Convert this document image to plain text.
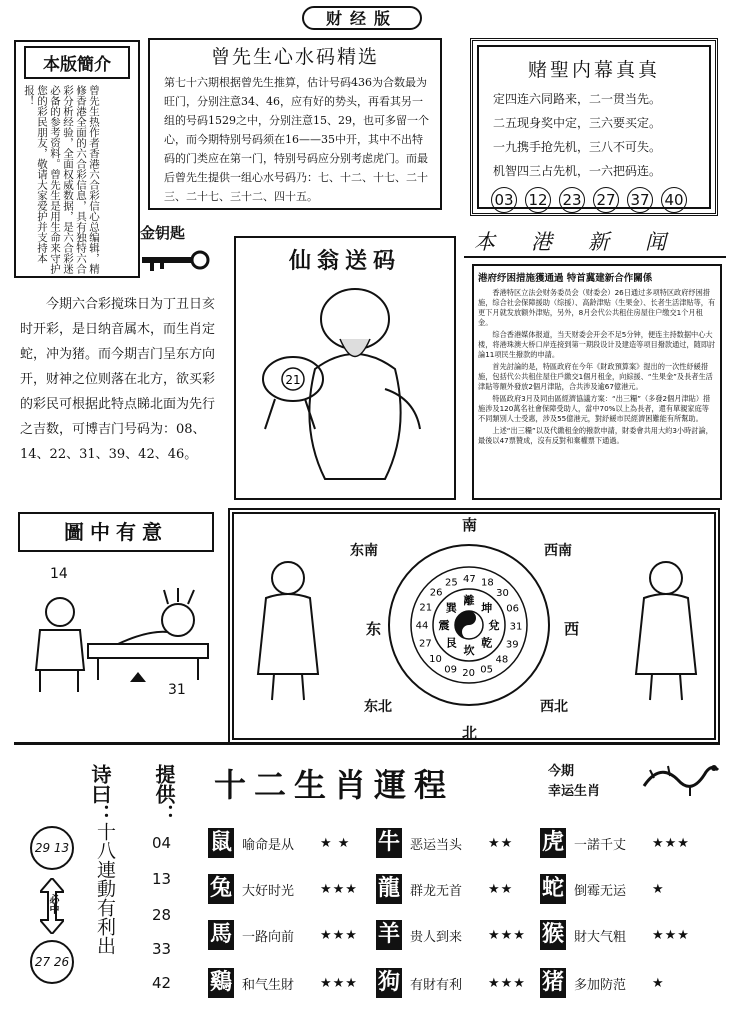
财经版
本版簡介
曾先生热作者香港六合彩信心总编辑，精修香港全面的六合彩信息，具有独特六合彩分析经验，全面权威数据，是六合彩迷必备的参考资料。曾先生是用生命来守护您的彩民朋友，敬请大家爱护并支持本报！
曾先生心水码精选
第七十六期根据曾先生推算，估计号码436为合数最为旺门，分别注意34、46，应有好的势头，再看其另一组的号码1529之中，分别注意15、29，也可多留一个心，而今期特别号码须在16——35中开，其中不出特码的门类应在第一门，特别号码应分别考虑虎门。而最后曾先生提供一组心水号码乃：七、十二、十七、二十三、二十七、三十二、四十五。
赌聖内幕真真
定四连六同路来，二一贯当先。
二五现身奖中定，三六要买定。
一九携手抢先机，三八不可失。
机智四三占先机，一六把码连。
03 12 23 27 37 40
金钥匙
今期六合彩搅珠日为丁丑日亥时开彩，是日纳音属木，而生肖定蛇，冲为猪。而今期吉门呈东方向开，财神之位则落在北方，欲买彩的彩民可根据此特点睇北面为先行之吉数，可博吉门号码为：08、14、22、31、39、42、46。
仙翁送码
21
本港新闻
港府纾困措施獲通過 特首冀建新合作關係

香港特区立法会财务委员会（财委会）26日通过多项特区政府纾困措施，综合社会保障援助（综援）、高龄津贴（生果金）、长者生活津贴等，有更下月就发放额外津贴，另外，8月会代公共租住房屋住户缴交1个月租金。

综合香港媒体报道，当天财委会开会不足5分钟，便连主持数据中心大楼，将港珠澳大桥口岸连接到第一期段设计及建造等项目撥款通过，随即討論11项民生撥款的申請。

首先討論的是，特區政府在今年《財政預算案》提出的一次性紓緩措施，包括代公共租住屋住戶繳交1個月租金，向綜援、“生果金”及長者生活津貼等額外發放2個月津貼，合共涉及逾67億港元。

特區政府3月及同由區經濟協議方案：“出三糧”（多發2個月津貼）措施涉及120萬名社會保障受助人，當中70%以上為長者，還有單親家庭等不同類別人士受惠，涉及55億港元，對紓緩市民經濟困難能有所幫助。

上述“出三糧”以及代繳租金的撥款申請，財委會共用大約3小時討論，最後以47票贊成，沒有反對和棄權票下通過。

圖中有意
14
31
南
北
东	西
东南	西南
东北	西北
離
坤
兌
乾
坎
艮
震
巽
25 47 18
30
06
31
39
48
05
20
09
10
27
44
21
26
诗曰：
十八連動有利出
29 13
必中
27 26
提供：
04
13
28
33
42
十二生肖運程	今期
幸运生肖
鼠 喻命是从	★ ★ 牛 恶运当头	★★ 虎 一諾千丈	★★★
兔 大好时光	★★★ 龍 群龙无首	★★ 蛇 倒霉无运	★
馬 一路向前	★★★ 羊 贵人到来	★★★ 猴 財大气粗	★★★
鷄 和气生財	★★★ 狗 有財有利	★★★ 猪 多加防范	★
